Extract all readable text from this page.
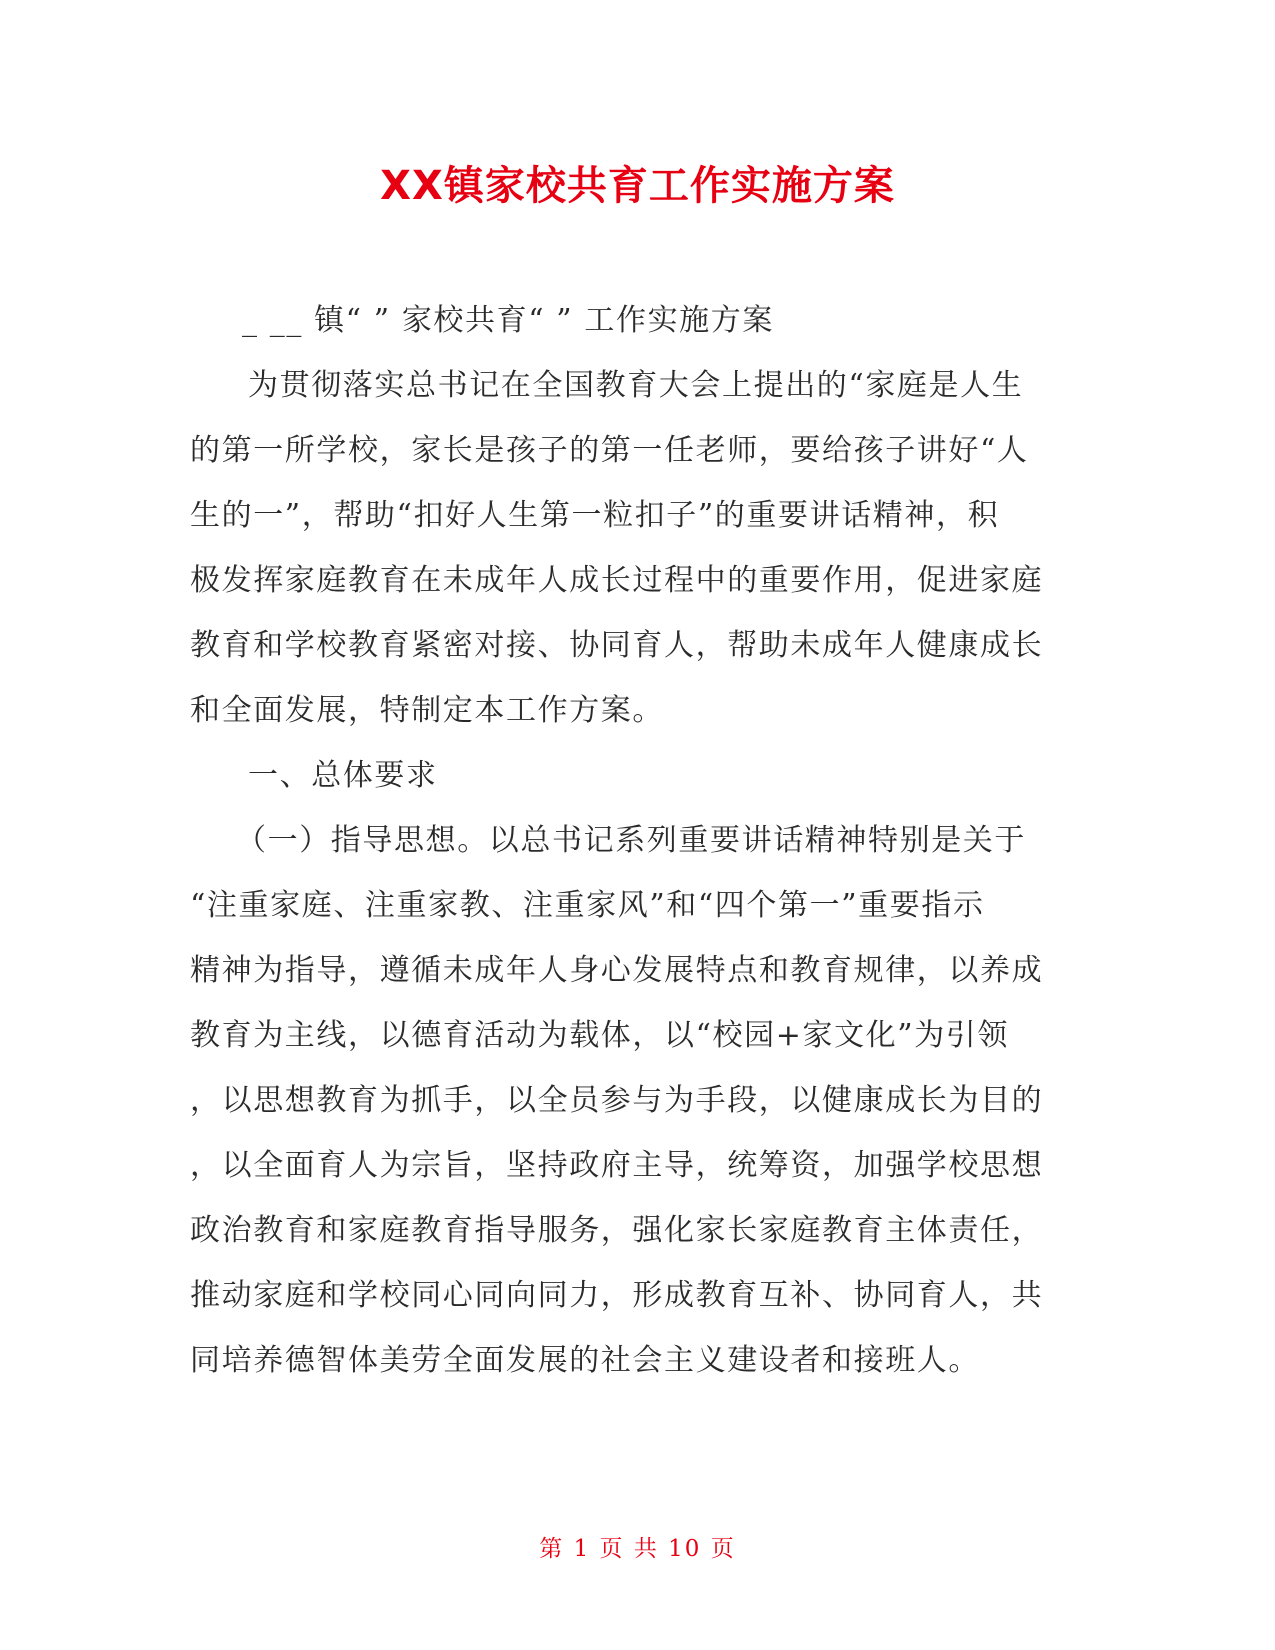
XX镇家校共育工作实施方案
_ __ 镇“ ” 家校共育“ ” 工作实施方案
为贯彻落实总书记在全国教育大会上提出的“家庭是人生
的第一所学校，家长是孩子的第一任老师，要给孩子讲好“人
生的一”，帮助“扣好人生第一粒扣子”的重要讲话精神，积
极发挥家庭教育在未成年人成长过程中的重要作用，促进家庭
教育和学校教育紧密对接、协同育人，帮助未成年人健康成长
和全面发展，特制定本工作方案。
一、总体要求
（一）指导思想。以总书记系列重要讲话精神特别是关于
“注重家庭、注重家教、注重家风”和“四个第一”重要指示
精神为指导，遵循未成年人身心发展特点和教育规律，以养成
教育为主线，以德育活动为载体，以“校园+家文化”为引领
，以思想教育为抓手，以全员参与为手段，以健康成长为目的
，以全面育人为宗旨，坚持政府主导，统筹资，加强学校思想
政治教育和家庭教育指导服务，强化家长家庭教育主体责任，
推动家庭和学校同心同向同力，形成教育互补、协同育人，共
同培养德智体美劳全面发展的社会主义建设者和接班人。
第 1 页 共 10 页
